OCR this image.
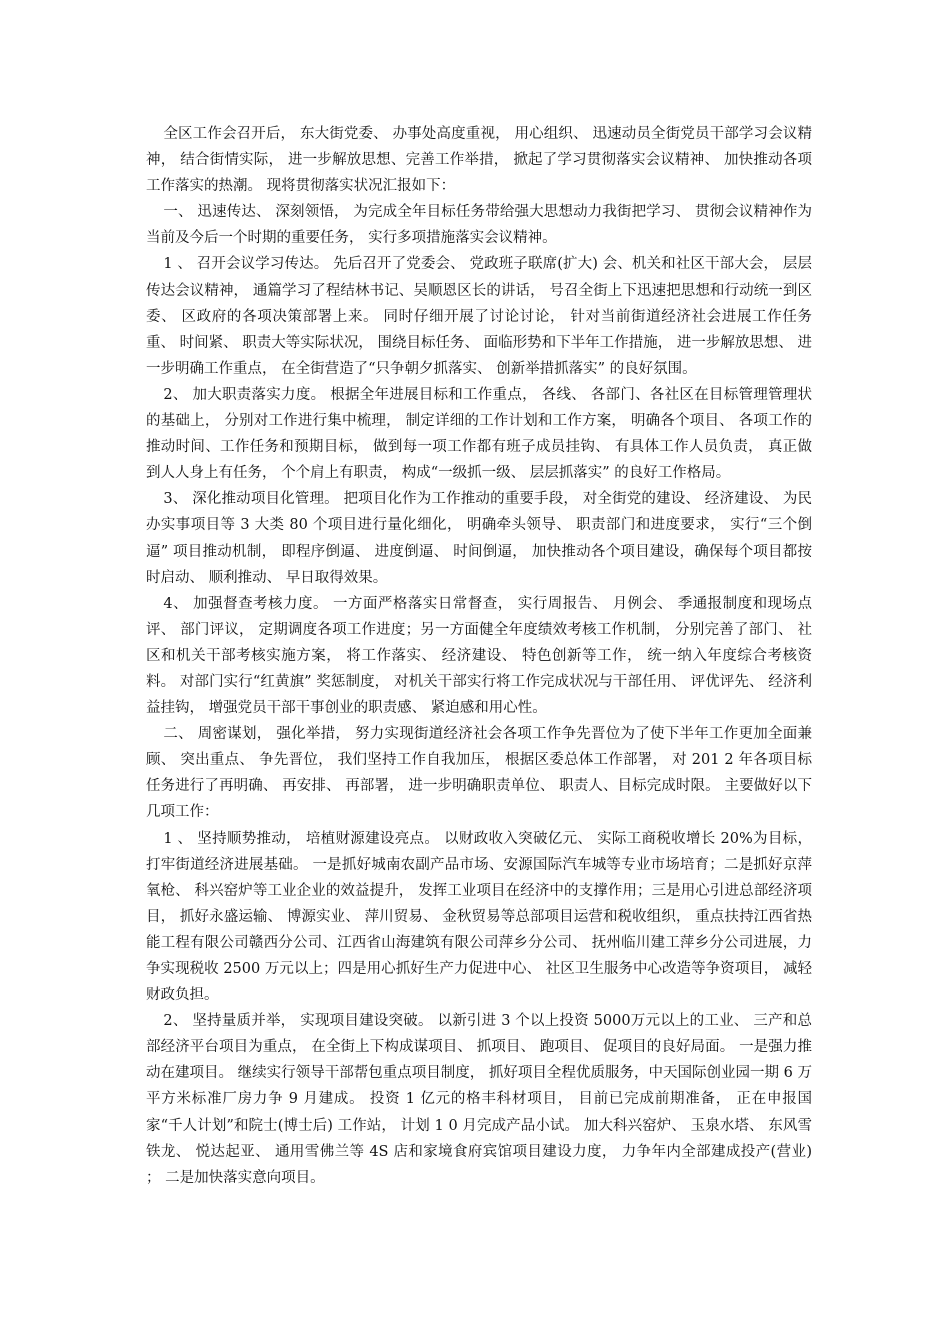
全区工作会召开后， 东大街党委、 办事处高度重视， 用心组织、 迅速动员全街党员干部学习会议精神， 结合街情实际， 进一步解放思想、完善工作举措， 掀起了学习贯彻落实会议精神、 加快推动各项工作落实的热潮。 现将贯彻落实状况汇报如下：

一、 迅速传达、 深刻领悟， 为完成全年目标任务带给强大思想动力我街把学习、 贯彻会议精神作为当前及今后一个时期的重要任务， 实行多项措施落实会议精神。

1 、 召开会议学习传达。 先后召开了党委会、 党政班子联席(扩大) 会、机关和社区干部大会， 层层传达会议精神， 通篇学习了程结林书记、吴顺恩区长的讲话， 号召全街上下迅速把思想和行动统一到区委、 区政府的各项决策部署上来。 同时仔细开展了讨论讨论， 针对当前街道经济社会进展工作任务重、 时间紧、 职责大等实际状况， 围绕目标任务、 面临形势和下半年工作措施， 进一步解放思想、 进一步明确工作重点， 在全街营造了“只争朝夕抓落实、 创新举措抓落实” 的良好氛围。

2、 加大职责落实力度。 根据全年进展目标和工作重点， 各线、 各部门、各社区在目标管理管理状的基础上， 分别对工作进行集中梳理， 制定详细的工作计划和工作方案， 明确各个项目、 各项工作的推动时间、工作任务和预期目标， 做到每一项工作都有班子成员挂钩、 有具体工作人员负责， 真正做到人人身上有任务， 个个肩上有职责， 构成“一级抓一级、 层层抓落实” 的良好工作格局。

3、 深化推动项目化管理。 把项目化作为工作推动的重要手段， 对全街党的建设、 经济建设、 为民办实事项目等 3 大类 80 个项目进行量化细化， 明确牵头领导、 职责部门和进度要求， 实行“三个倒逼” 项目推动机制， 即程序倒逼、 进度倒逼、 时间倒逼， 加快推动各个项目建设，确保每个项目都按时启动、 顺利推动、 早日取得效果。

4、 加强督查考核力度。 一方面严格落实日常督查， 实行周报告、 月例会、 季通报制度和现场点评、 部门评议， 定期调度各项工作进度；另一方面健全年度绩效考核工作机制， 分别完善了部门、 社区和机关干部考核实施方案， 将工作落实、 经济建设、 特色创新等工作， 统一纳入年度综合考核资料。 对部门实行“红黄旗” 奖惩制度， 对机关干部实行将工作完成状况与干部任用、 评优评先、 经济利益挂钩， 增强党员干部干事创业的职责感、 紧迫感和用心性。

二、 周密谋划， 强化举措， 努力实现街道经济社会各项工作争先晋位为了使下半年工作更加全面兼顾、 突出重点、 争先晋位， 我们坚持工作自我加压， 根据区委总体工作部署， 对 201 2 年各项目标任务进行了再明确、 再安排、 再部署， 进一步明确职责单位、 职责人、目标完成时限。 主要做好以下几项工作：

1 、 坚持顺势推动， 培植财源建设亮点。 以财政收入突破亿元、 实际工商税收增长 20%为目标， 打牢街道经济进展基础。 一是抓好城南农副产品市场、安源国际汽车城等专业市场培育；二是抓好京萍氧枪、 科兴窑炉等工业企业的效益提升， 发挥工业项目在经济中的支撑作用；三是用心引进总部经济项目， 抓好永盛运输、 博源实业、 萍川贸易、 金秋贸易等总部项目运营和税收组织， 重点扶持江西省热能工程有限公司赣西分公司、江西省山海建筑有限公司萍乡分公司、 抚州临川建工萍乡分公司进展，力争实现税收 2500 万元以上；四是用心抓好生产力促进中心、 社区卫生服务中心改造等争资项目， 减轻财政负担。

2、 坚持量质并举， 实现项目建设突破。 以新引进 3 个以上投资 5000万元以上的工业、 三产和总部经济平台项目为重点， 在全街上下构成谋项目、 抓项目、 跑项目、 促项目的良好局面。 一是强力推动在建项目。 继续实行领导干部帮包重点项目制度， 抓好项目全程优质服务，中天国际创业园一期 6 万平方米标准厂房力争 9 月建成。 投资 1 亿元的格丰科材项目， 目前已完成前期准备， 正在申报国家“千人计划”和院士(博士后) 工作站， 计划 1 0 月完成产品小试。 加大科兴窑炉、 玉泉水塔、 东风雪铁龙、 悦达起亚、 通用雪佛兰等 4S 店和家境食府宾馆项目建设力度， 力争年内全部建成投产(营业) ； 二是加快落实意向项目。
